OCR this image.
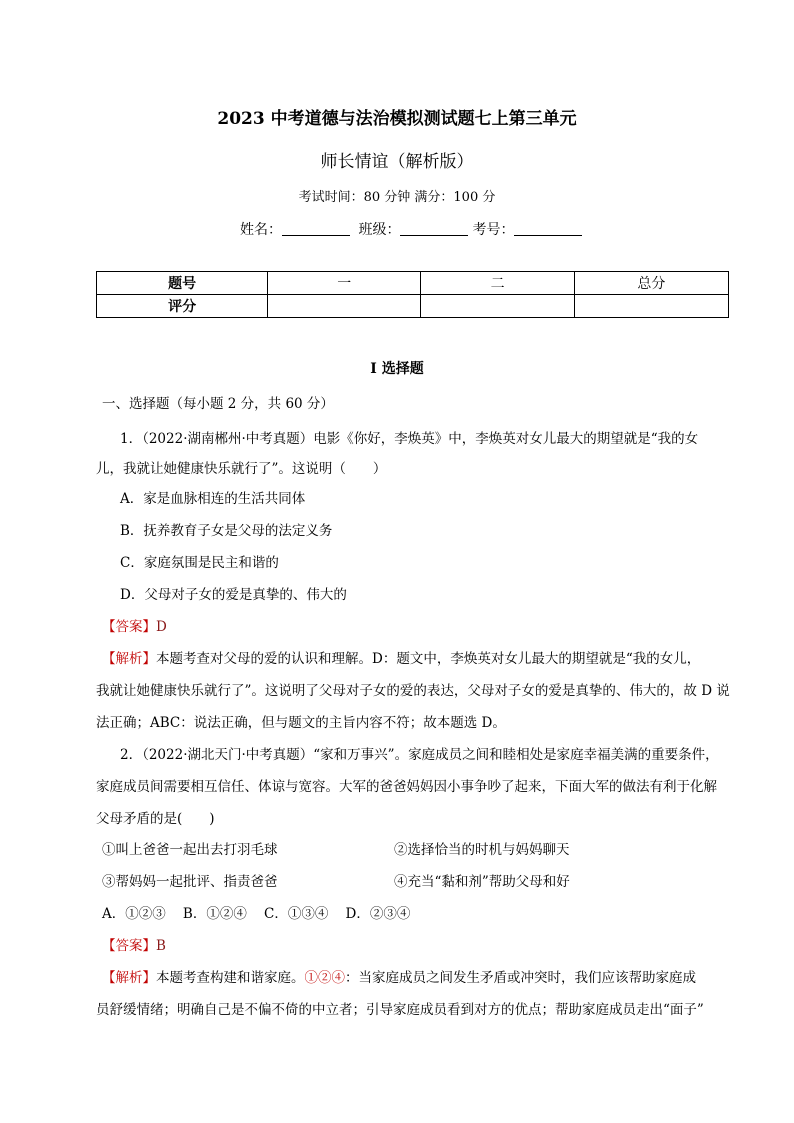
2023 中考道德与法治模拟测试题七上第三单元
师长情谊（解析版）
考试时间：80 分钟 满分：100 分
姓名：	班级：	考号：
题号	一	二	总分
评分			
I 选择题
一、选择题（每小题 2 分，共 60 分）
1．（2022·湖南郴州·中考真题）电影《你好，李焕英》中，李焕英对女儿最大的期望就是“我的女
儿，我就让她健康快乐就行了”。这说明（　　）
A．家是血脉相连的生活共同体
B．抚养教育子女是父母的法定义务
C．家庭氛围是民主和谐的
D．父母对子女的爱是真挚的、伟大的
【答案】D
【解析】本题考查对父母的爱的认识和理解。D：题文中，李焕英对女儿最大的期望就是“我的女儿，
我就让她健康快乐就行了”。这说明了父母对子女的爱的表达，父母对子女的爱是真挚的、伟大的，故 D 说
法正确；ABC：说法正确，但与题文的主旨内容不符；故本题选 D。
2．（2022·湖北天门·中考真题）“家和万事兴”。家庭成员之间和睦相处是家庭幸福美满的重要条件，
家庭成员间需要相互信任、体谅与宽容。大军的爸爸妈妈因小事争吵了起来，下面大军的做法有利于化解
父母矛盾的是(　　)
①叫上爸爸一起出去打羽毛球	②选择恰当的时机与妈妈聊天
③帮妈妈一起批评、指责爸爸	④充当“黏和剂”帮助父母和好
A．①②③ B．①②④ C．①③④ D．②③④
【答案】B
【解析】本题考查构建和谐家庭。①②④：当家庭成员之间发生矛盾或冲突时，我们应该帮助家庭成
员舒缓情绪；明确自己是不偏不倚的中立者；引导家庭成员看到对方的优点；帮助家庭成员走出“面子”
